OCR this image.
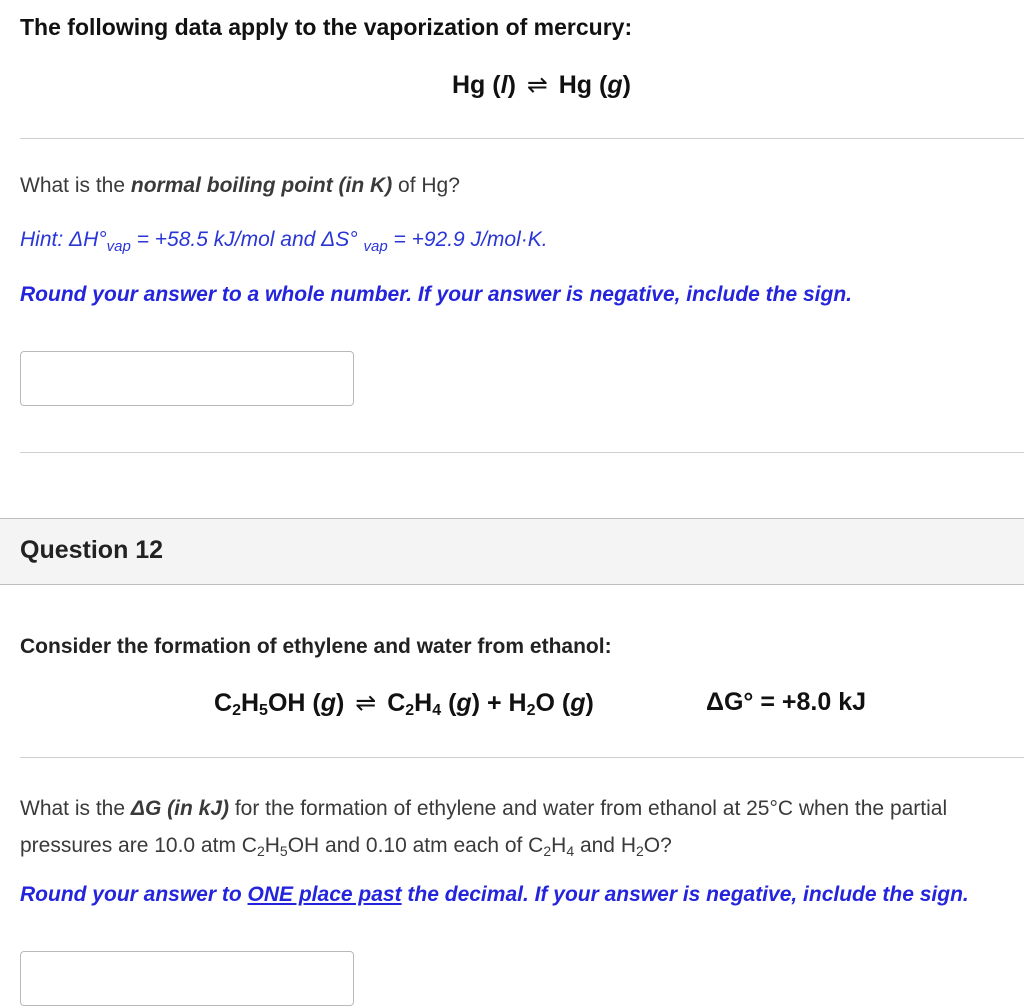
The following data apply to the vaporization of mercury:
Hg (l) ⇌ Hg (g)
What is the normal boiling point (in K) of Hg?
Hint: $\Delta H^\circ_{vap} = +58.5$ kJ/mol and ΔS° $_{vap}$ = +92.9 J/mol·K.
Round your answer to a whole number. If your answer is negative, include the sign.
Question 12
Consider the formation of ethylene and water from ethanol:
$C_2H_5OH$ (g) ⇌ $C_2H_4$ $(g) + H_2O$ (g)	ΔG° = +8.0 kJ
What is the ΔG (in kJ) for the formation of ethylene and water from ethanol at 25°C when the partial pressures are 10.0 atm $C_2H_5OH$ and 0.10 atm each of $C_2H_4$ and $H_2O$?
Round your answer to ONE place past the decimal. If your answer is negative, include the sign.
